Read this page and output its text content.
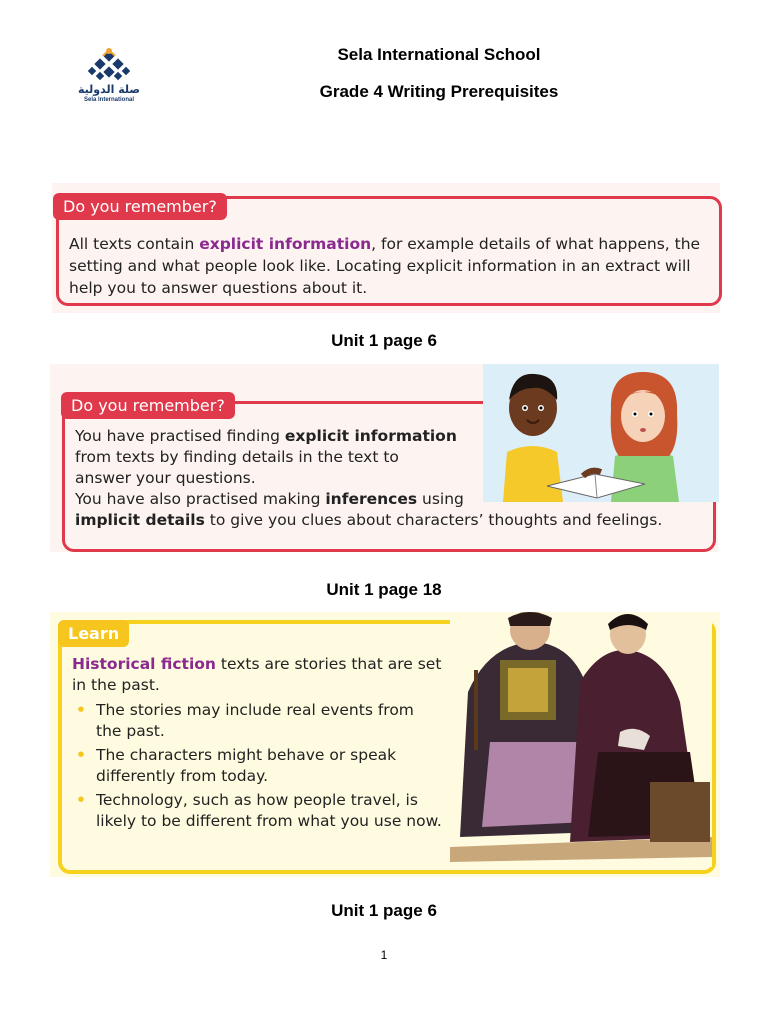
صلة الدولية
Sela International
Sela International School
Grade 4 Writing Prerequisites
Do you remember?
All texts contain explicit information, for example details of what happens, the setting and what people look like. Locating explicit information in an extract will help you to answer questions about it.
Unit 1 page 6
Do you remember?

You have practised finding explicit information

from texts by finding details in the text to

answer your questions.

You have also practised making inferences using

implicit details to give you clues about characters’ thoughts and feelings.

Unit 1 page 18
Learn

Historical fiction texts are stories that are set in the past.

• The stories may include real events from the past.
• The characters might behave or speak differently from today.
• Technology, such as how people travel, is likely to be different from what you use now.
Unit 1 page 6
1
